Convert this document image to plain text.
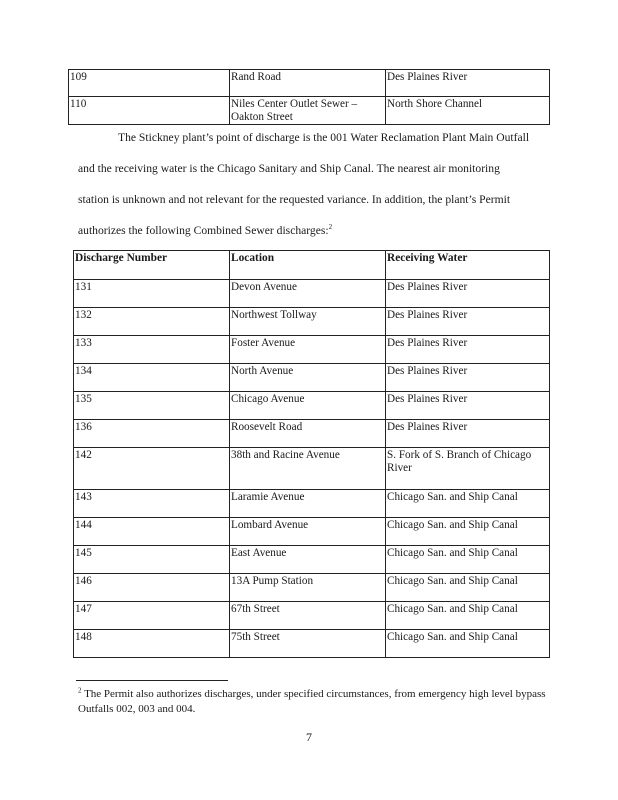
109	Rand Road	Des Plaines River
110	Niles Center Outlet Sewer – Oakton Street	North Shore Channel

The Stickney plant’s point of discharge is the 001 Water Reclamation Plant Main Outfall
and the receiving water is the Chicago Sanitary and Ship Canal. The nearest air monitoring
station is unknown and not relevant for the requested variance. In addition, the plant’s Permit
authorizes the following Combined Sewer discharges:$^2$

Discharge Number	Location	Receiving Water
131	Devon Avenue	Des Plaines River
132	Northwest Tollway	Des Plaines River
133	Foster Avenue	Des Plaines River
134	North Avenue	Des Plaines River
135	Chicago Avenue	Des Plaines River
136	Roosevelt Road	Des Plaines River
142	38th and Racine Avenue	S. Fork of S. Branch of Chicago River
143	Laramie Avenue	Chicago San. and Ship Canal
144	Lombard Avenue	Chicago San. and Ship Canal
145	East Avenue	Chicago San. and Ship Canal
146	13A Pump Station	Chicago San. and Ship Canal
147	67th Street	Chicago San. and Ship Canal
148	75th Street	Chicago San. and Ship Canal

$^2$ The Permit also authorizes discharges, under specified circumstances, from emergency high level bypass Outfalls 002, 003 and 004.

7
